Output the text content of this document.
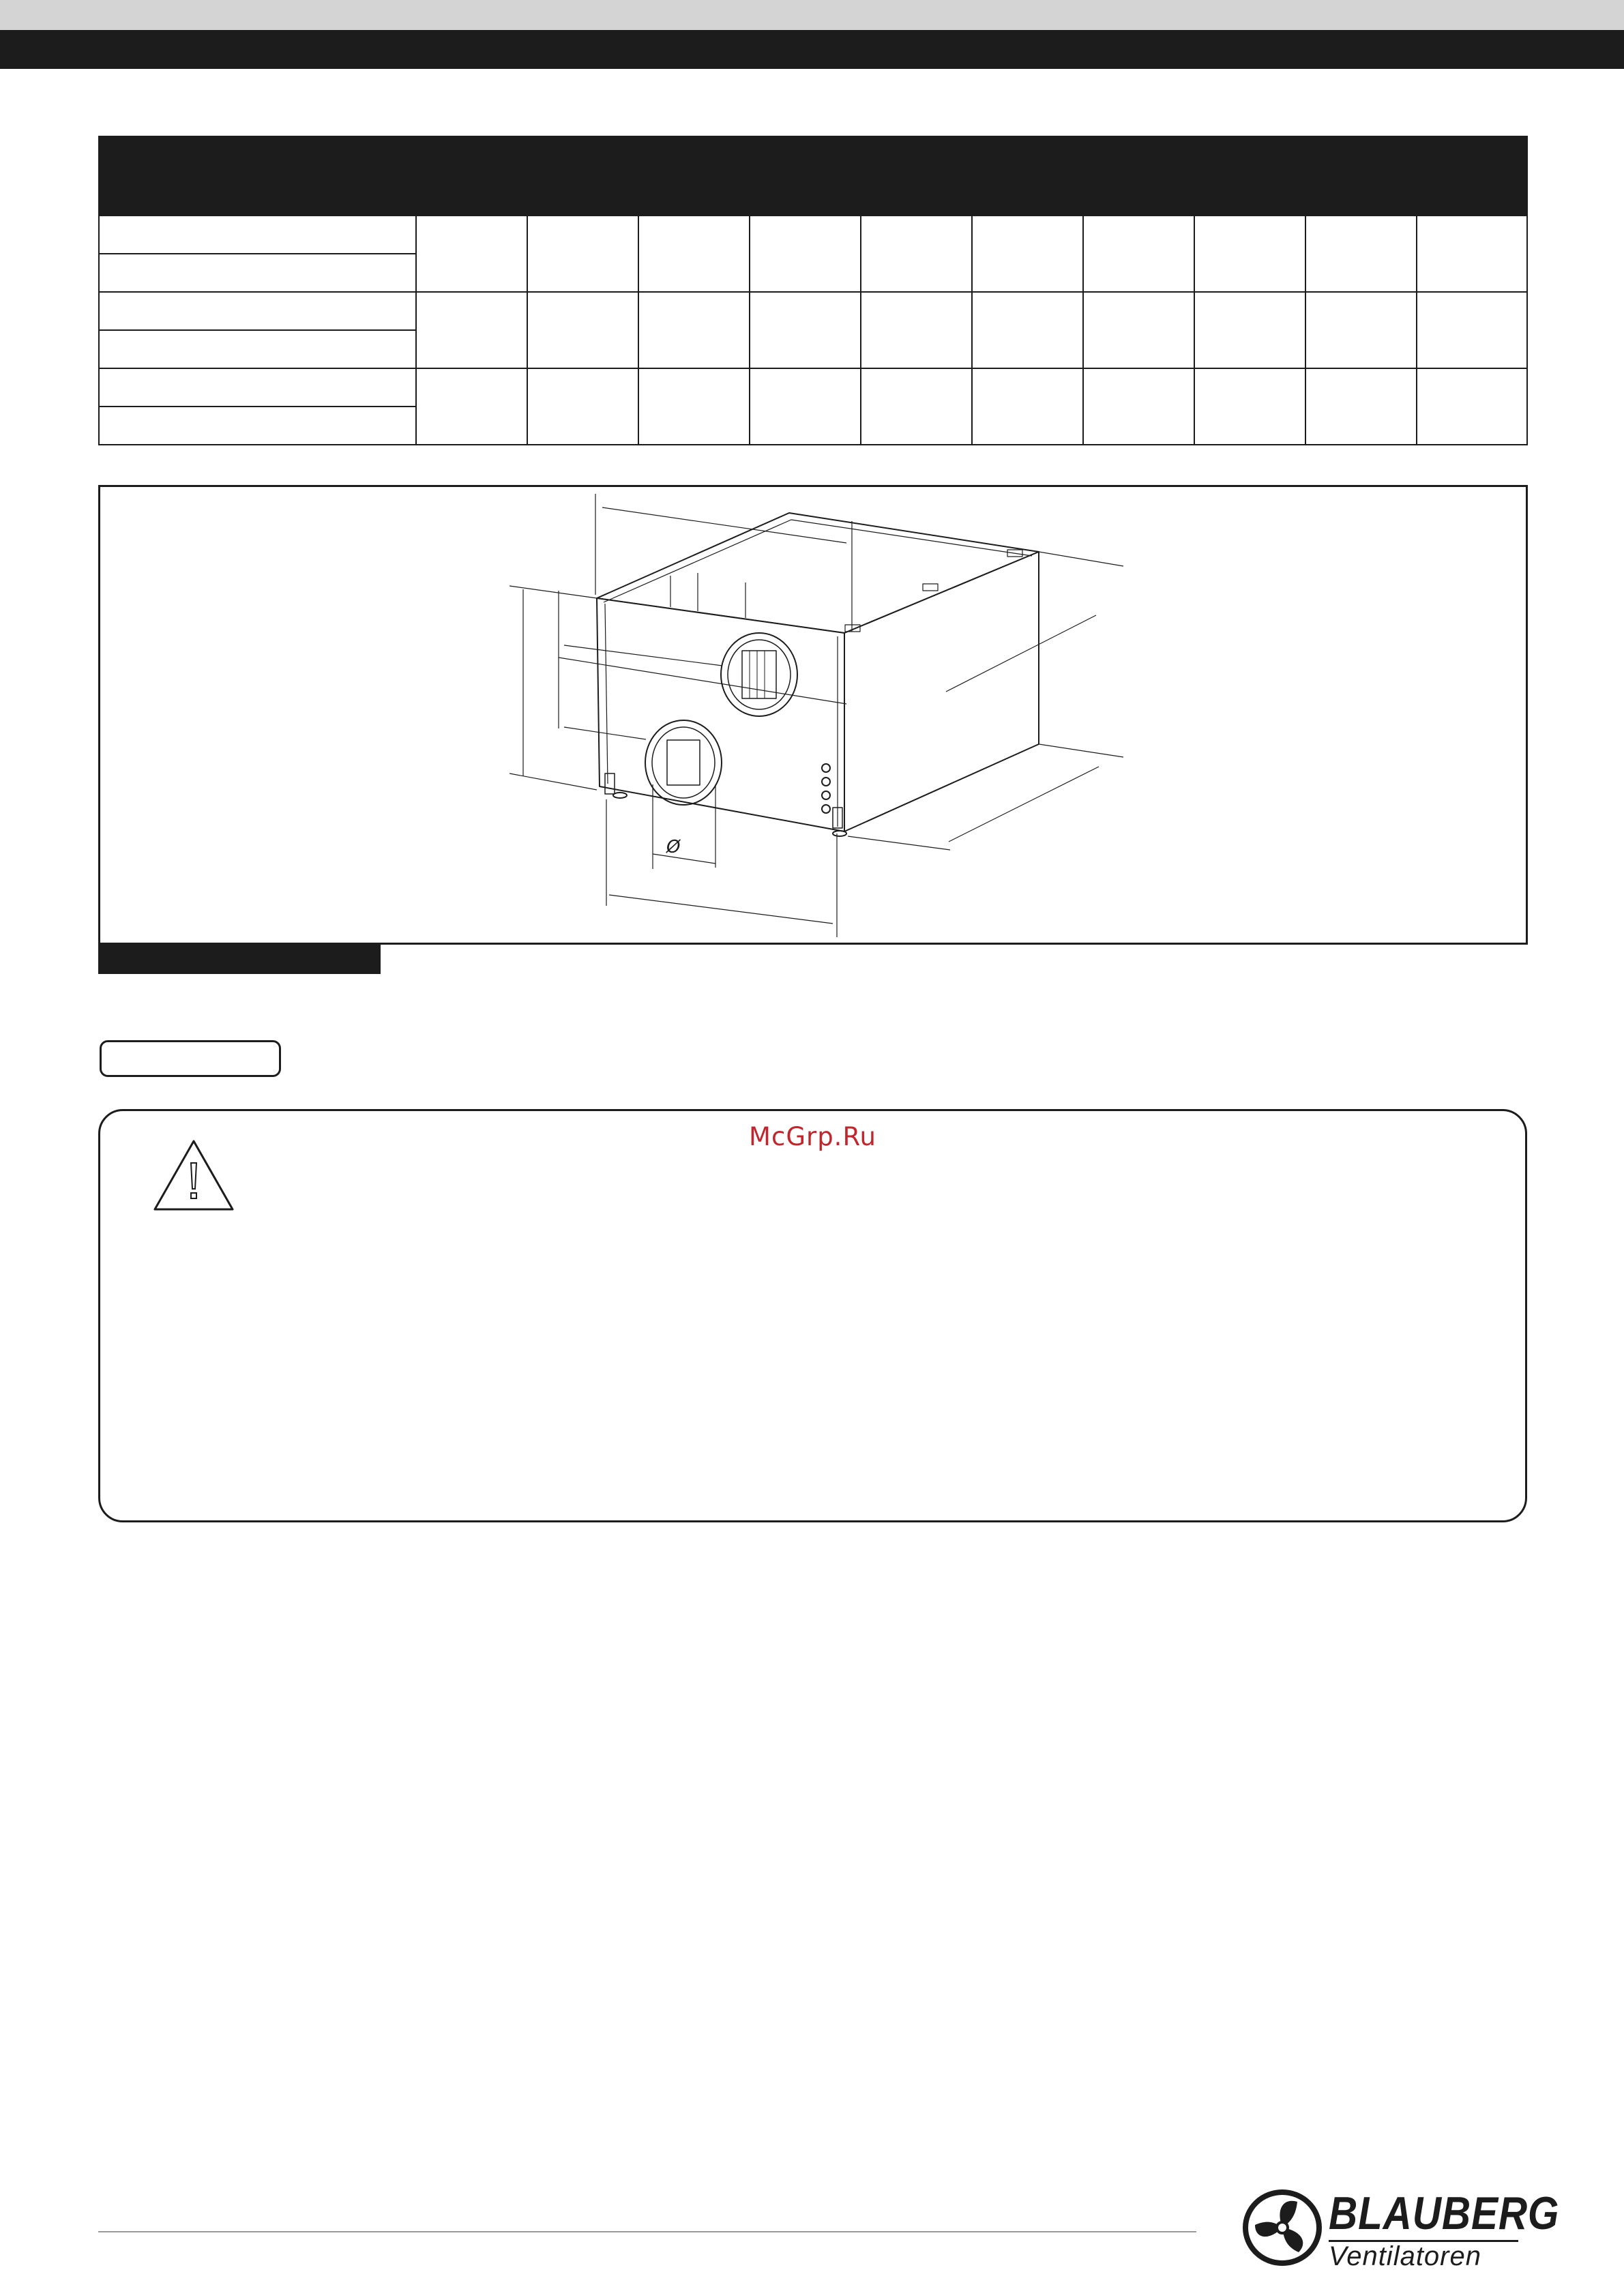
Ø
McGrp.Ru
BLAUBERG
Ventilatoren
